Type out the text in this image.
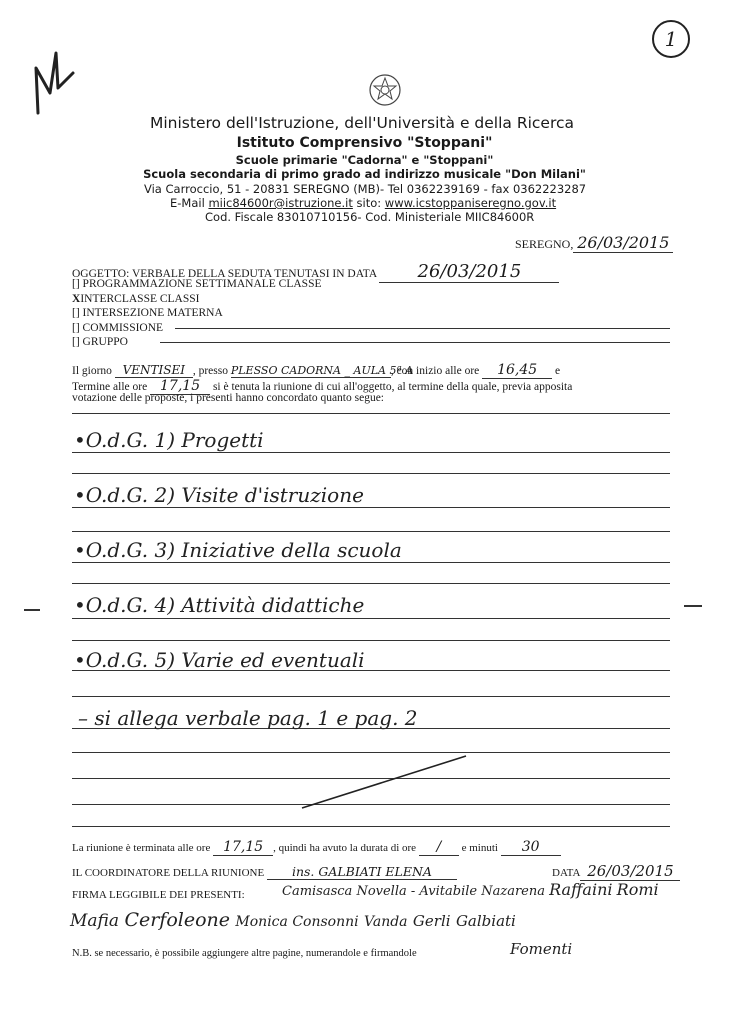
1
Ministero dell'Istruzione, dell'Università e della Ricerca
Istituto Comprensivo "Stoppani"
Scuole primarie "Cadorna" e "Stoppani"
Scuola secondaria di primo grado ad indirizzo musicale "Don Milani"
Via Carroccio, 51 - 20831 SEREGNO (MB)- Tel 0362239169 - fax 0362223287
E-Mail miic84600r@istruzione.it sito: www.icstoppaniseregno.gov.it
Cod. Fiscale 83010710156- Cod. Ministeriale MIIC84600R
SEREGNO, 26/03/2015
OGGETTO: VERBALE DELLA SEDUTA TENUTASI IN DATA 26/03/2015
[] PROGRAMMAZIONE SETTIMANALE CLASSE
XINTERCLASSE CLASSI
[] INTERSEZIONE MATERNA
[] COMMISSIONE
[] GRUPPO
Il giorno VENTISEI , presso PLESSO CADORNA _ AULA 5ª A, con inizio alle ore 16,45 e
Termine alle ore 17,15 si è tenuta la riunione di cui all'oggetto, al termine della quale, previa apposita
votazione delle proposte, i presenti hanno concordato quanto segue:
•O.d.G. 1) Progetti
•O.d.G. 2) Visite d'istruzione
•O.d.G. 3) Iniziative della scuola
•O.d.G. 4) Attività didattiche
•O.d.G. 5) Varie ed eventuali
– si allega verbale pag. 1 e pag. 2
La riunione è terminata alle ore 17,15 , quindi ha avuto la durata di ore / e minuti 30
IL COORDINATORE DELLA RIUNIONE ins. GALBIATI ELENA	DATA 26/03/2015
FIRMA LEGGIBILE DEI PRESENTI:	Camisasca Novella - Avitabile Nazarena Raffaini Romi
Mafia Cerfoleone Monica Consonni Vanda Gerli Galbiati
N.B. se necessario, è possibile aggiungere altre pagine, numerandole e firmandole	Fomenti
